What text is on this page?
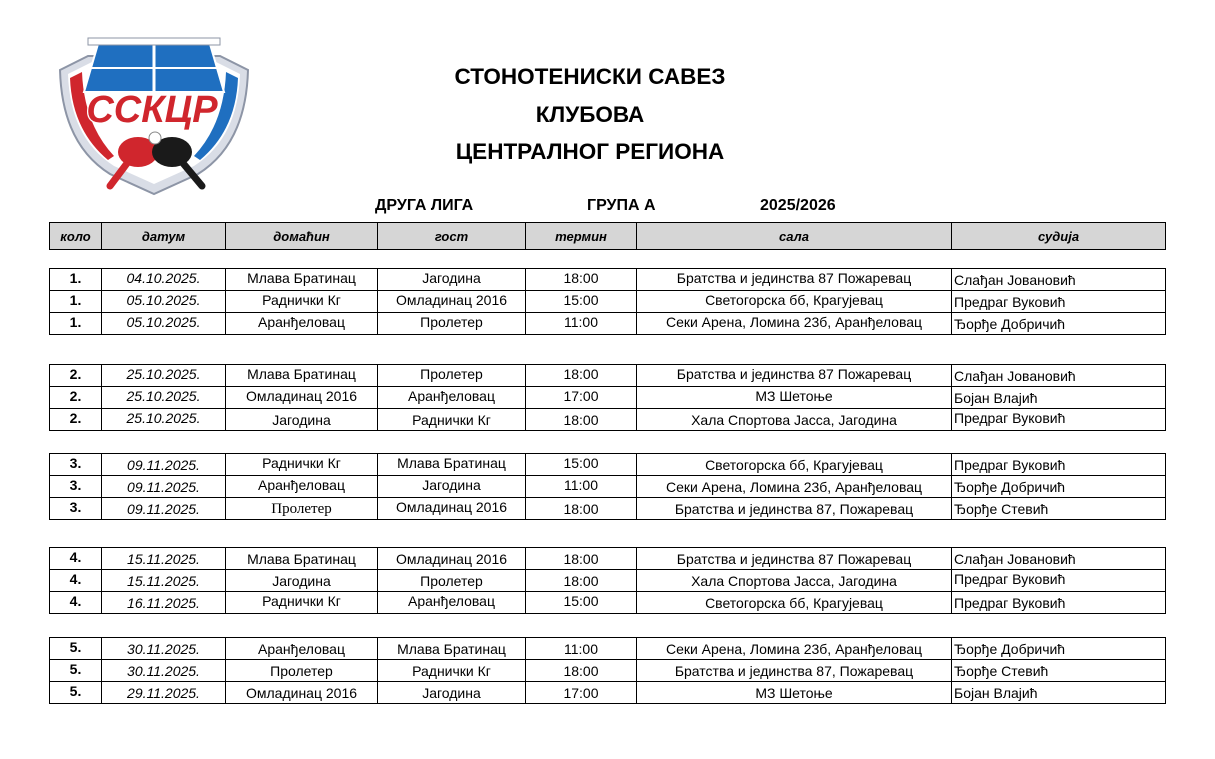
ССКЦР
СТОНОТЕНИСКИ САВЕЗ
КЛУБОВА
ЦЕНТРАЛНОГ РЕГИОНА
ДРУГА ЛИГА	ГРУПА А	2025/2026
коло	датум	домаћин	гост	термин	сала	судија
1.	04.10.2025.	Млава Братинац	Јагодина	18:00	Братства и јединства 87 Пожаревац	Слађан Јовановић
1.	05.10.2025.	Раднички Кг	Омладинац 2016	15:00	Светогорска бб, Крагујевац	Предраг Вуковић
1.	05.10.2025.	Аранђеловац	Пролетер	11:00	Секи Арена, Ломина 23б, Аранђеловац	Ђорђе Добричић
2.	25.10.2025.	Млава Братинац	Пролетер	18:00	Братства и јединства 87 Пожаревац	Слађан Јовановић
2.	25.10.2025.	Омладинац 2016	Аранђеловац	17:00	МЗ Шетоње	Бојан Влајић
2.	25.10.2025.	Јагодина	Раднички Кг	18:00	Хала Спортова Јасса, Јагодина	Предраг Вуковић
3.	09.11.2025.	Раднички Кг	Млава Братинац	15:00	Светогорска бб, Крагујевац	Предраг Вуковић
3.	09.11.2025.	Аранђеловац	Јагодина	11:00	Секи Арена, Ломина 23б, Аранђеловац	Ђорђе Добричић
3.	09.11.2025.	Пролетер	Омладинац 2016	18:00	Братства и јединства 87, Пожаревац	Ђорђе Стевић
4.	15.11.2025.	Млава Братинац	Омладинац 2016	18:00	Братства и јединства 87 Пожаревац	Слађан Јовановић
4.	15.11.2025.	Јагодина	Пролетер	18:00	Хала Спортова Јасса, Јагодина	Предраг Вуковић
4.	16.11.2025.	Раднички Кг	Аранђеловац	15:00	Светогорска бб, Крагујевац	Предраг Вуковић
5.	30.11.2025.	Аранђеловац	Млава Братинац	11:00	Секи Арена, Ломина 23б, Аранђеловац	Ђорђе Добричић
5.	30.11.2025.	Пролетер	Раднички Кг	18:00	Братства и јединства 87, Пожаревац	Ђорђе Стевић
5.	29.11.2025.	Омладинац 2016	Јагодина	17:00	МЗ Шетоње	Бојан Влајић
